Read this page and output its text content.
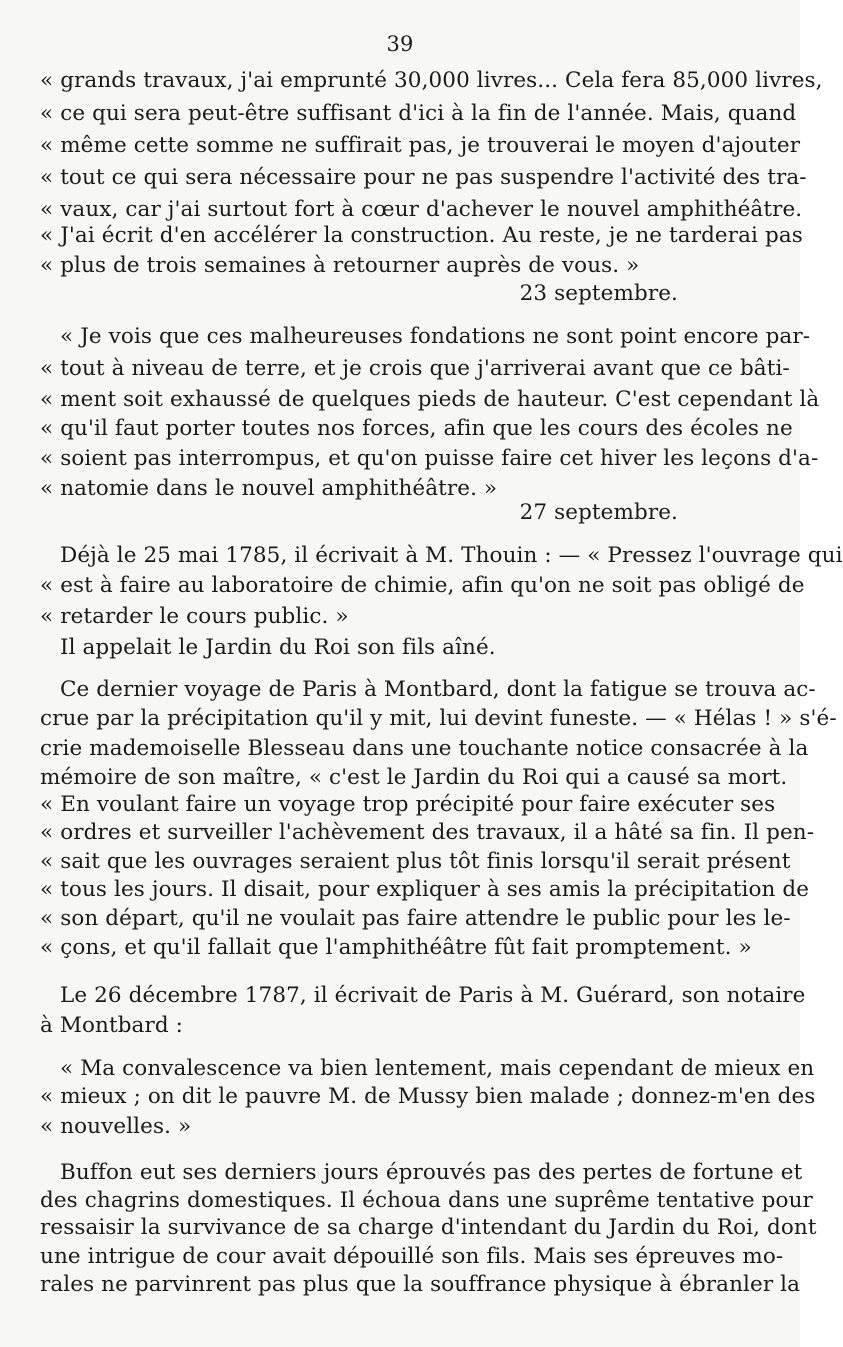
39
« grands travaux, j'ai emprunté 30,000 livres... Cela fera 85,000 livres,
« ce qui sera peut-être suffisant d'ici à la fin de l'année. Mais, quand
« même cette somme ne suffirait pas, je trouverai le moyen d'ajouter
« tout ce qui sera nécessaire pour ne pas suspendre l'activité des tra-
« vaux, car j'ai surtout fort à cœur d'achever le nouvel amphithéâtre.
« J'ai écrit d'en accélérer la construction. Au reste, je ne tarderai pas
« plus de trois semaines à retourner auprès de vous. »
23 septembre.
« Je vois que ces malheureuses fondations ne sont point encore par-
« tout à niveau de terre, et je crois que j'arriverai avant que ce bâti-
« ment soit exhaussé de quelques pieds de hauteur. C'est cependant là
« qu'il faut porter toutes nos forces, afin que les cours des écoles ne
« soient pas interrompus, et qu'on puisse faire cet hiver les leçons d'a-
« natomie dans le nouvel amphithéâtre. »
27 septembre.
Déjà le 25 mai 1785, il écrivait à M. Thouin : — « Pressez l'ouvrage qui
« est à faire au laboratoire de chimie, afin qu'on ne soit pas obligé de
« retarder le cours public. »
Il appelait le Jardin du Roi son fils aîné.
Ce dernier voyage de Paris à Montbard, dont la fatigue se trouva ac-
crue par la précipitation qu'il y mit, lui devint funeste. — « Hélas ! » s'é-
crie mademoiselle Blesseau dans une touchante notice consacrée à la
mémoire de son maître, « c'est le Jardin du Roi qui a causé sa mort.
« En voulant faire un voyage trop précipité pour faire exécuter ses
« ordres et surveiller l'achèvement des travaux, il a hâté sa fin. Il pen-
« sait que les ouvrages seraient plus tôt finis lorsqu'il serait présent
« tous les jours. Il disait, pour expliquer à ses amis la précipitation de
« son départ, qu'il ne voulait pas faire attendre le public pour les le-
« çons, et qu'il fallait que l'amphithéâtre fût fait promptement. »
Le 26 décembre 1787, il écrivait de Paris à M. Guérard, son notaire
à Montbard :
« Ma convalescence va bien lentement, mais cependant de mieux en
« mieux ; on dit le pauvre M. de Mussy bien malade ; donnez-m'en des
« nouvelles. »
Buffon eut ses derniers jours éprouvés pas des pertes de fortune et
des chagrins domestiques. Il échoua dans une suprême tentative pour
ressaisir la survivance de sa charge d'intendant du Jardin du Roi, dont
une intrigue de cour avait dépouillé son fils. Mais ses épreuves mo-
rales ne parvinrent pas plus que la souffrance physique à ébranler la
